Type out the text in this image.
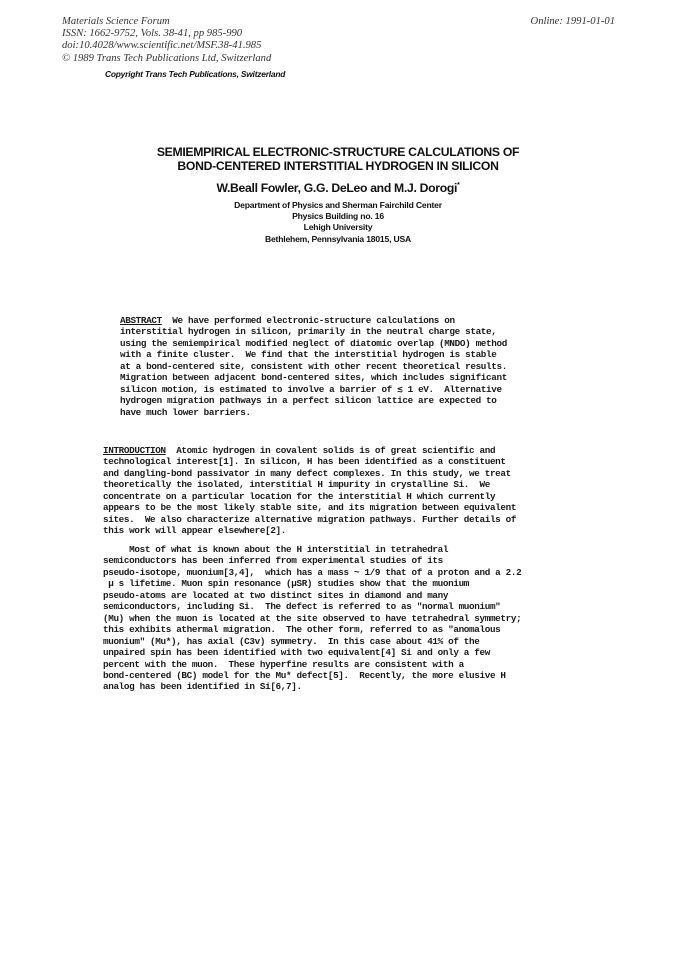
Materials Science Forum
ISSN: 1662-9752, Vols. 38-41, pp 985-990
doi:10.4028/www.scientific.net/MSF.38-41.985
© 1989 Trans Tech Publications Ltd, Switzerland
Online: 1991-01-01
Copyright Trans Tech Publications, Switzerland
SEMIEMPIRICAL ELECTRONIC-STRUCTURE CALCULATIONS OF
BOND-CENTERED INTERSTITIAL HYDROGEN IN SILICON
W.Beall Fowler, G.G. DeLeo and M.J. Dorogi*
Department of Physics and Sherman Fairchild Center
Physics Building no. 16
Lehigh University
Bethlehem, Pennsylvania 18015, USA
ABSTRACT  We have performed electronic-structure calculations on
interstitial hydrogen in silicon, primarily in the neutral charge state,
using the semiempirical modified neglect of diatomic overlap (MNDO) method
with a finite cluster.  We find that the interstitial hydrogen is stable
at a bond-centered site, consistent with other recent theoretical results.
Migration between adjacent bond-centered sites, which includes significant
silicon motion, is estimated to involve a barrier of ≲ 1 eV.  Alternative
hydrogen migration pathways in a perfect silicon lattice are expected to
have much lower barriers.
INTRODUCTION  Atomic hydrogen in covalent solids is of great scientific and
technological interest[1]. In silicon, H has been identified as a constituent
and dangling-bond passivator in many defect complexes. In this study, we treat
theoretically the isolated, interstitial H impurity in crystalline Si.  We
concentrate on a particular location for the interstitial H which currently
appears to be the most likely stable site, and its migration between equivalent
sites.  We also characterize alternative migration pathways. Further details of
this work will appear elsewhere[2].
Most of what is known about the H interstitial in tetrahedral
semiconductors has been inferred from experimental studies of its
pseudo-isotope, muonium[3,4],  which has a mass ~ 1/9 that of a proton and a 2.2
µ s lifetime. Muon spin resonance (µSR) studies show that the muonium
pseudo-atoms are located at two distinct sites in diamond and many
semiconductors, including Si.  The defect is referred to as "normal muonium"
(Mu) when the muon is located at the site observed to have tetrahedral symmetry;
this exhibits athermal migration.  The other form, referred to as "anomalous
muonium" (Mu*), has axial (C3v) symmetry.  In this case about 41% of the
unpaired spin has been identified with two equivalent[4] Si and only a few
percent with the muon.  These hyperfine results are consistent with a
bond-centered (BC) model for the Mu* defect[5].  Recently, the more elusive H
analog has been identified in Si[6,7].
